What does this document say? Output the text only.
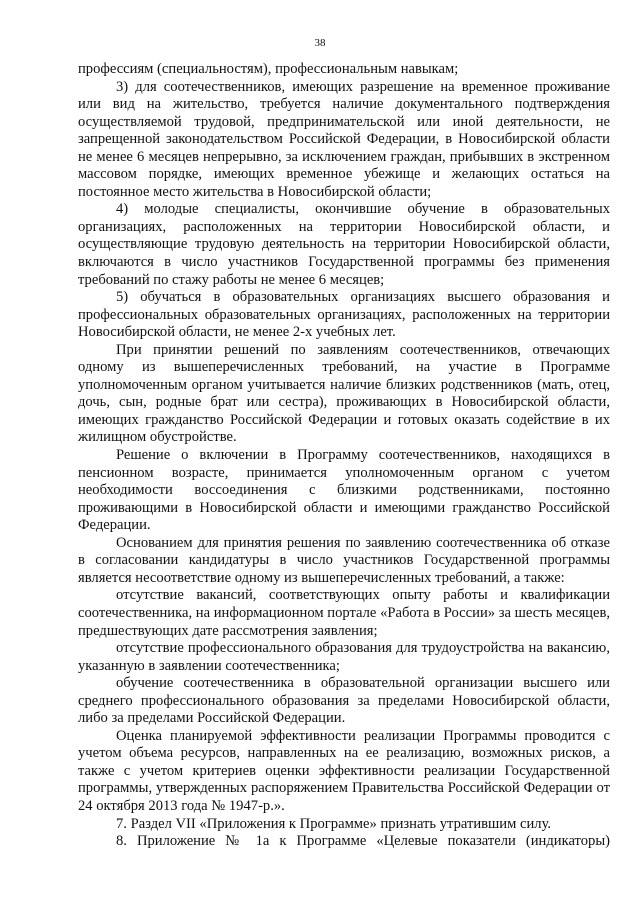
38

профессиям (специальностям), профессиональным навыкам;

3) для соотечественников, имеющих разрешение на временное проживание или вид на жительство, требуется наличие документального подтверждения осуществляемой трудовой, предпринимательской или иной деятельности, не запрещенной законодательством Российской Федерации, в Новосибирской области не менее 6 месяцев непрерывно, за исключением граждан, прибывших в экстренном массовом порядке, имеющих временное убежище и желающих остаться на постоянное место жительства в Новосибирской области;

4) молодые специалисты, окончившие обучение в образовательных организациях, расположенных на территории Новосибирской области, и осуществляющие трудовую деятельность на территории Новосибирской области, включаются в число участников Государственной программы без применения требований по стажу работы не менее 6 месяцев;

5) обучаться в образовательных организациях высшего образования и профессиональных образовательных организациях, расположенных на территории Новосибирской области, не менее 2-х учебных лет.

При принятии решений по заявлениям соотечественников, отвечающих одному из вышеперечисленных требований, на участие в Программе уполномоченным органом учитывается наличие близких родственников (мать, отец, дочь, сын, родные брат или сестра), проживающих в Новосибирской области, имеющих гражданство Российской Федерации и готовых оказать содействие в их жилищном обустройстве.

Решение о включении в Программу соотечественников, находящихся в пенсионном возрасте, принимается уполномоченным органом с учетом необходимости воссоединения с близкими родственниками, постоянно проживающими в Новосибирской области и имеющими гражданство Российской Федерации.

Основанием для принятия решения по заявлению соотечественника об отказе в согласовании кандидатуры в число участников Государственной программы является несоответствие одному из вышеперечисленных требований, а также:

отсутствие вакансий, соответствующих опыту работы и квалификации соотечественника, на информационном портале «Работа в России» за шесть месяцев, предшествующих дате рассмотрения заявления;

отсутствие профессионального образования для трудоустройства на вакансию, указанную в заявлении соотечественника;

обучение соотечественника в образовательной организации высшего или среднего профессионального образования за пределами Новосибирской области, либо за пределами Российской Федерации.

Оценка планируемой эффективности реализации Программы проводится с учетом объема ресурсов, направленных на ее реализацию, возможных рисков, а также с учетом критериев оценки эффективности реализации Государственной программы, утвержденных распоряжением Правительства Российской Федерации от 24 октября 2013 года № 1947-р.».

7. Раздел VII «Приложения к Программе» признать утратившим силу.

8. Приложение № 1а к Программе «Целевые показатели (индикаторы)
